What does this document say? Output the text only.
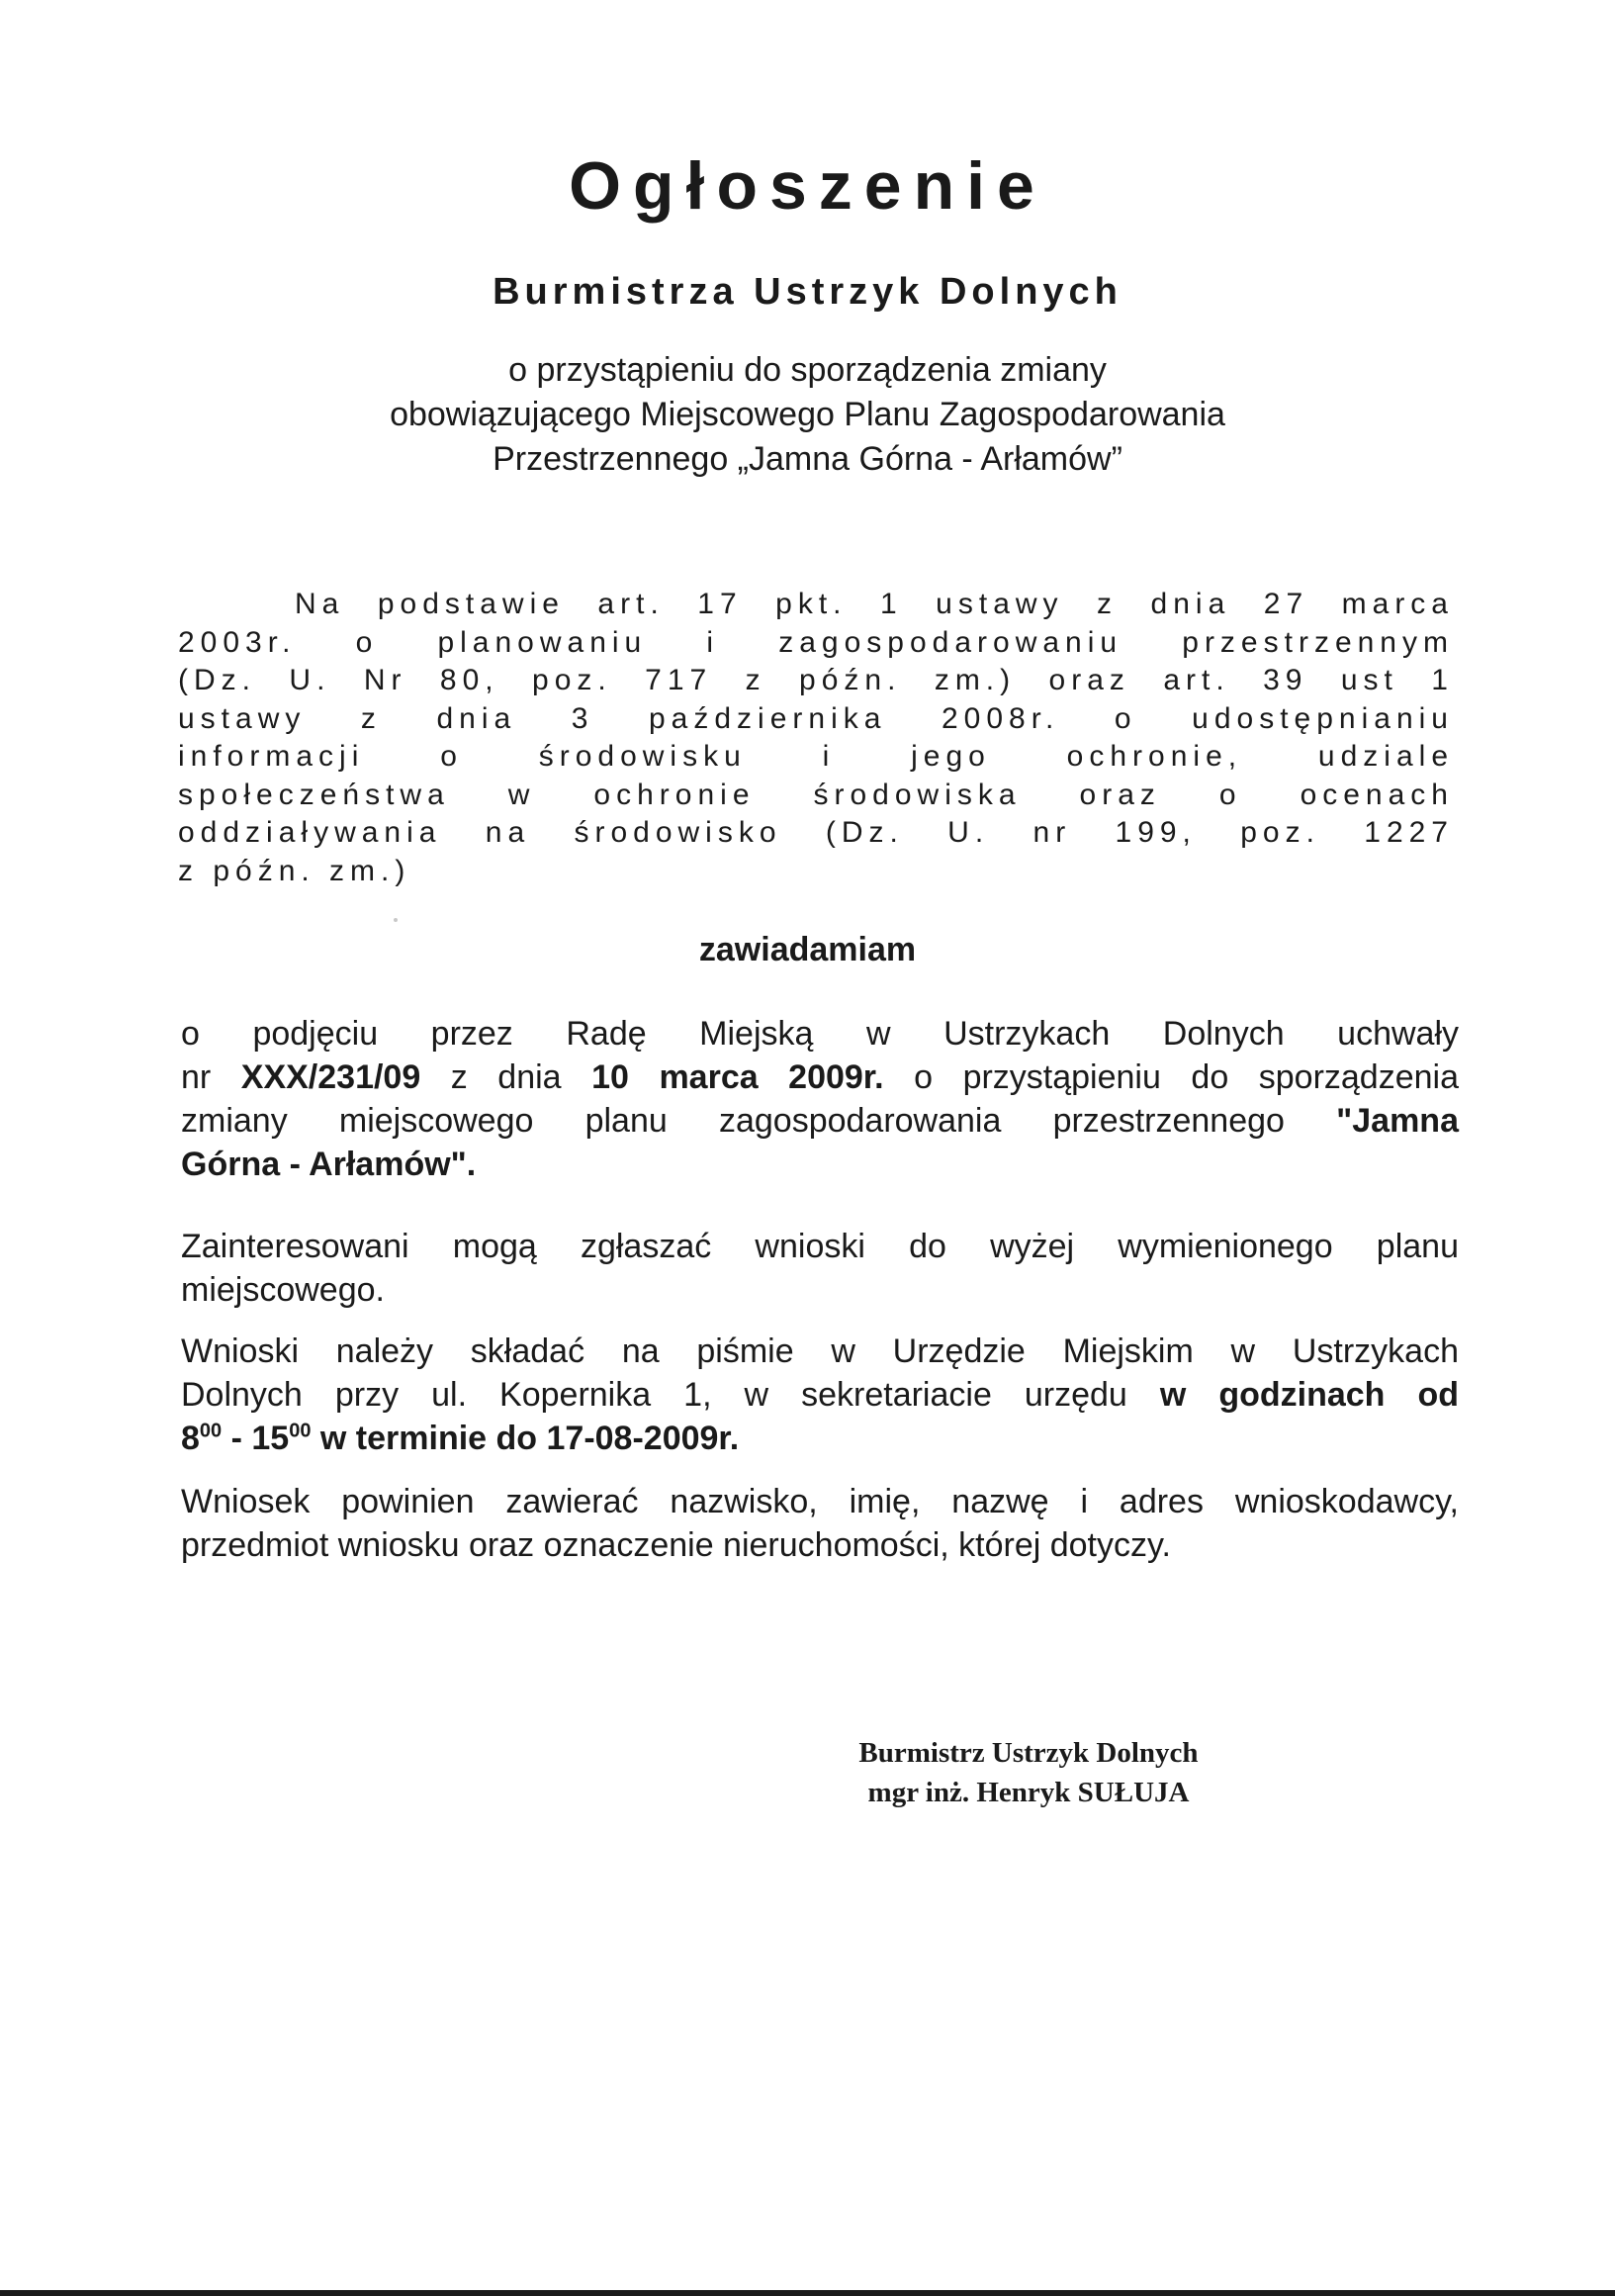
Ogłoszenie
Burmistrza Ustrzyk Dolnych
o przystąpieniu do sporządzenia zmiany
obowiązującego Miejscowego Planu Zagospodarowania
Przestrzennego „Jamna Górna - Arłamów”
Na podstawie art. 17 pkt. 1 ustawy z dnia 27 marca
2003r. o planowaniu i zagospodarowaniu przestrzennym
(Dz. U. Nr 80, poz. 717 z późn. zm.) oraz art. 39 ust 1
ustawy z dnia 3 października 2008r. o udostępnianiu
informacji o środowisku i jego ochronie, udziale
społeczeństwa w ochronie środowiska oraz o ocenach
oddziaływania na środowisko (Dz. U. nr 199, poz. 1227
z późn. zm.)
zawiadamiam
o podjęciu przez Radę Miejską w Ustrzykach Dolnych uchwały
nr XXX/231/09 z dnia 10 marca 2009r. o przystąpieniu do sporządzenia
zmiany miejscowego planu zagospodarowania przestrzennego "Jamna
Górna - Arłamów".
Zainteresowani mogą zgłaszać wnioski do wyżej wymienionego planu
miejscowego.
Wnioski należy składać na piśmie w Urzędzie Miejskim w Ustrzykach
Dolnych przy ul. Kopernika 1, w sekretariacie urzędu w godzinach od
$8^{00} - 15^{00}$ w terminie do 17-08-2009r.
Wniosek powinien zawierać nazwisko, imię, nazwę i adres wnioskodawcy,
przedmiot wniosku oraz oznaczenie nieruchomości, której dotyczy.
Burmistrz Ustrzyk Dolnych
mgr inż. Henryk SUŁUJA
